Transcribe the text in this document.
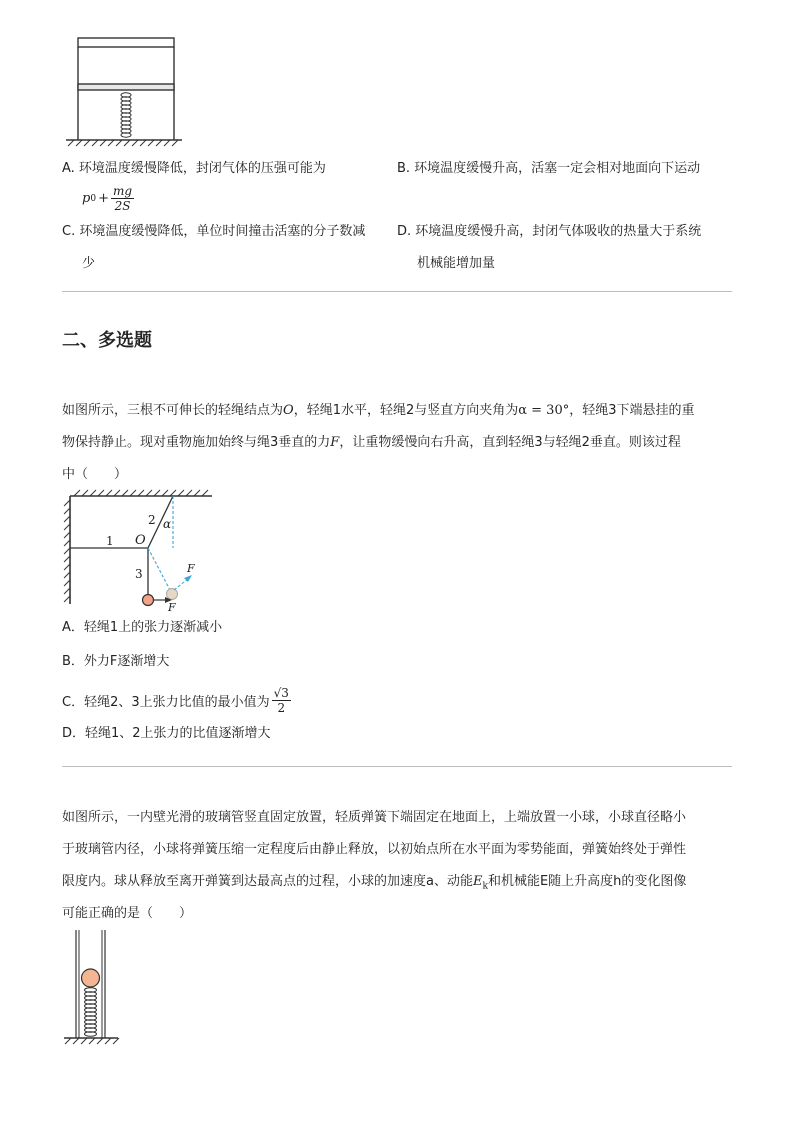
A. 环境温度缓慢降低，封闭气体的压强可能为
p $0 + \frac{mg}{2S}$
B. 环境温度缓慢升高，活塞一定会相对地面向下运动
C. 环境温度缓慢降低，单位时间撞击活塞的分子数减
少
D. 环境温度缓慢升高，封闭气体吸收的热量大于系统
机械能增加量
二、多选题
如图所示，三根不可伸长的轻绳结点为O，轻绳1水平，轻绳2与竖直方向夹角为α = 30°，轻绳3下端悬挂的重
物保持静止。现对重物施加始终与绳3垂直的力F，让重物缓慢向右升高，直到轻绳3与轻绳2垂直。则该过程
中（　　）
1
2
3
O
α
F
F
A．轻绳1上的张力逐渐减小
B．外力F逐渐增大
C．轻绳2、3上张力比值的最小值为 $\frac{√3}{2}$
D．轻绳1、2上张力的比值逐渐增大
如图所示，一内壁光滑的玻璃管竖直固定放置，轻质弹簧下端固定在地面上，上端放置一小球，小球直径略小
于玻璃管内径，小球将弹簧压缩一定程度后由静止释放，以初始点所在水平面为零势能面，弹簧始终处于弹性
限度内。球从释放至离开弹簧到达最高点的过程，小球的加速度a、动能$E_k$和机械能E随上升高度h的变化图像
可能正确的是（　　）
